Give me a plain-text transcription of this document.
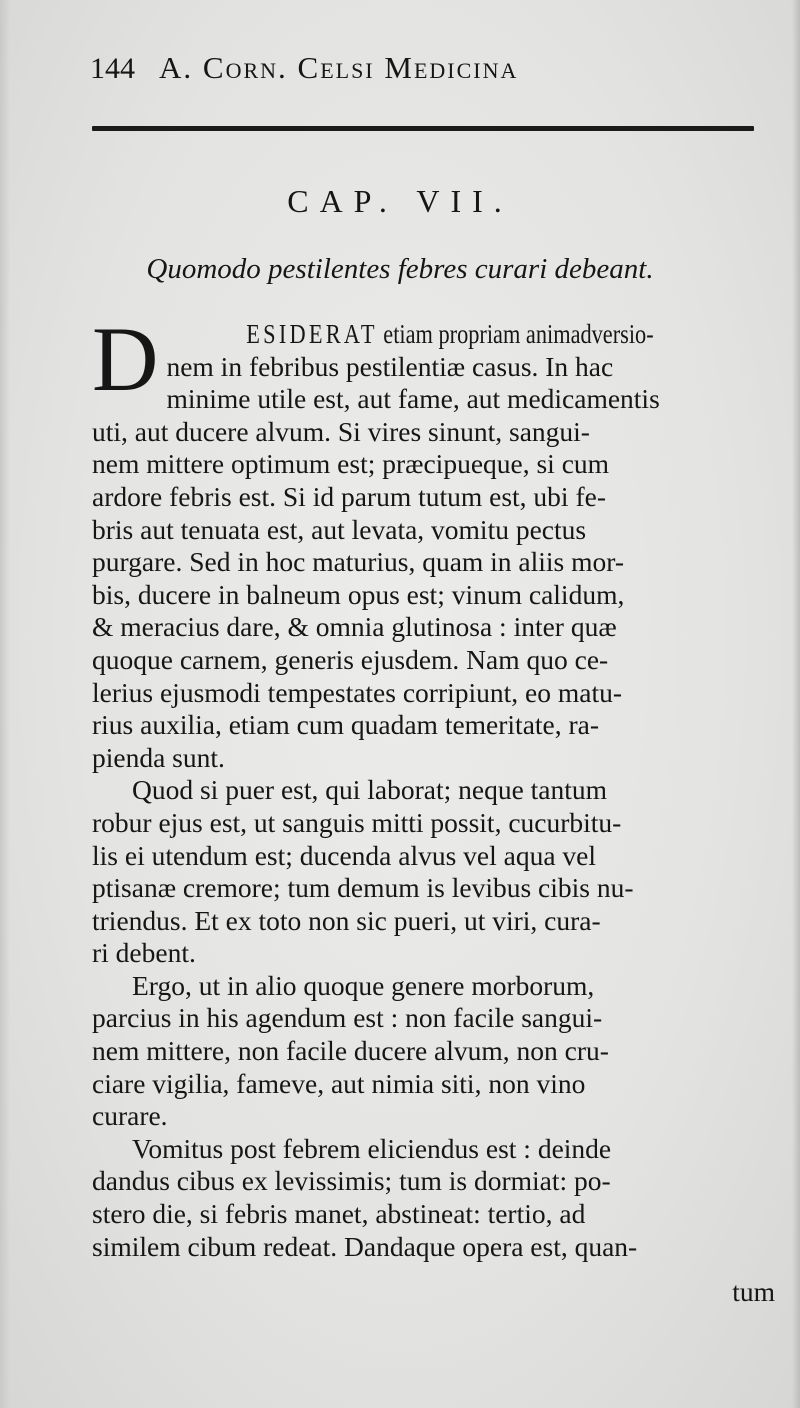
144 A. Corn. Celsi Medicina
CAP. VII.
Quomodo pestilentes febres curari debeant.

D	ESIDERAT etiam propriam animadversio-
nem in febribus pestilentiæ casus. In hac
minime utile est, aut fame, aut medicamentis
uti, aut ducere alvum. Si vires sinunt, sangui-
nem mittere optimum est; præcipueque, si cum
ardore febris est. Si id parum tutum est, ubi fe-
bris aut tenuata est, aut levata, vomitu pectus
purgare. Sed in hoc maturius, quam in aliis mor-
bis, ducere in balneum opus est; vinum calidum,
& meracius dare, & omnia glutinosa : inter quæ
quoque carnem, generis ejusdem. Nam quo ce-
lerius ejusmodi tempestates corripiunt, eo matu-
rius auxilia, etiam cum quadam temeritate, ra-
pienda sunt.

Quod si puer est, qui laborat; neque tantum
robur ejus est, ut sanguis mitti possit, cucurbitu-
lis ei utendum est; ducenda alvus vel aqua vel
ptisanæ cremore; tum demum is levibus cibis nu-
triendus. Et ex toto non sic pueri, ut viri, cura-
ri debent.

Ergo, ut in alio quoque genere morborum,
parcius in his agendum est : non facile sangui-
nem mittere, non facile ducere alvum, non cru-
ciare vigilia, fameve, aut nimia siti, non vino
curare.

Vomitus post febrem eliciendus est : deinde
dandus cibus ex levissimis; tum is dormiat: po-
stero die, si febris manet, abstineat: tertio, ad
similem cibum redeat. Dandaque opera est, quan-

tum
